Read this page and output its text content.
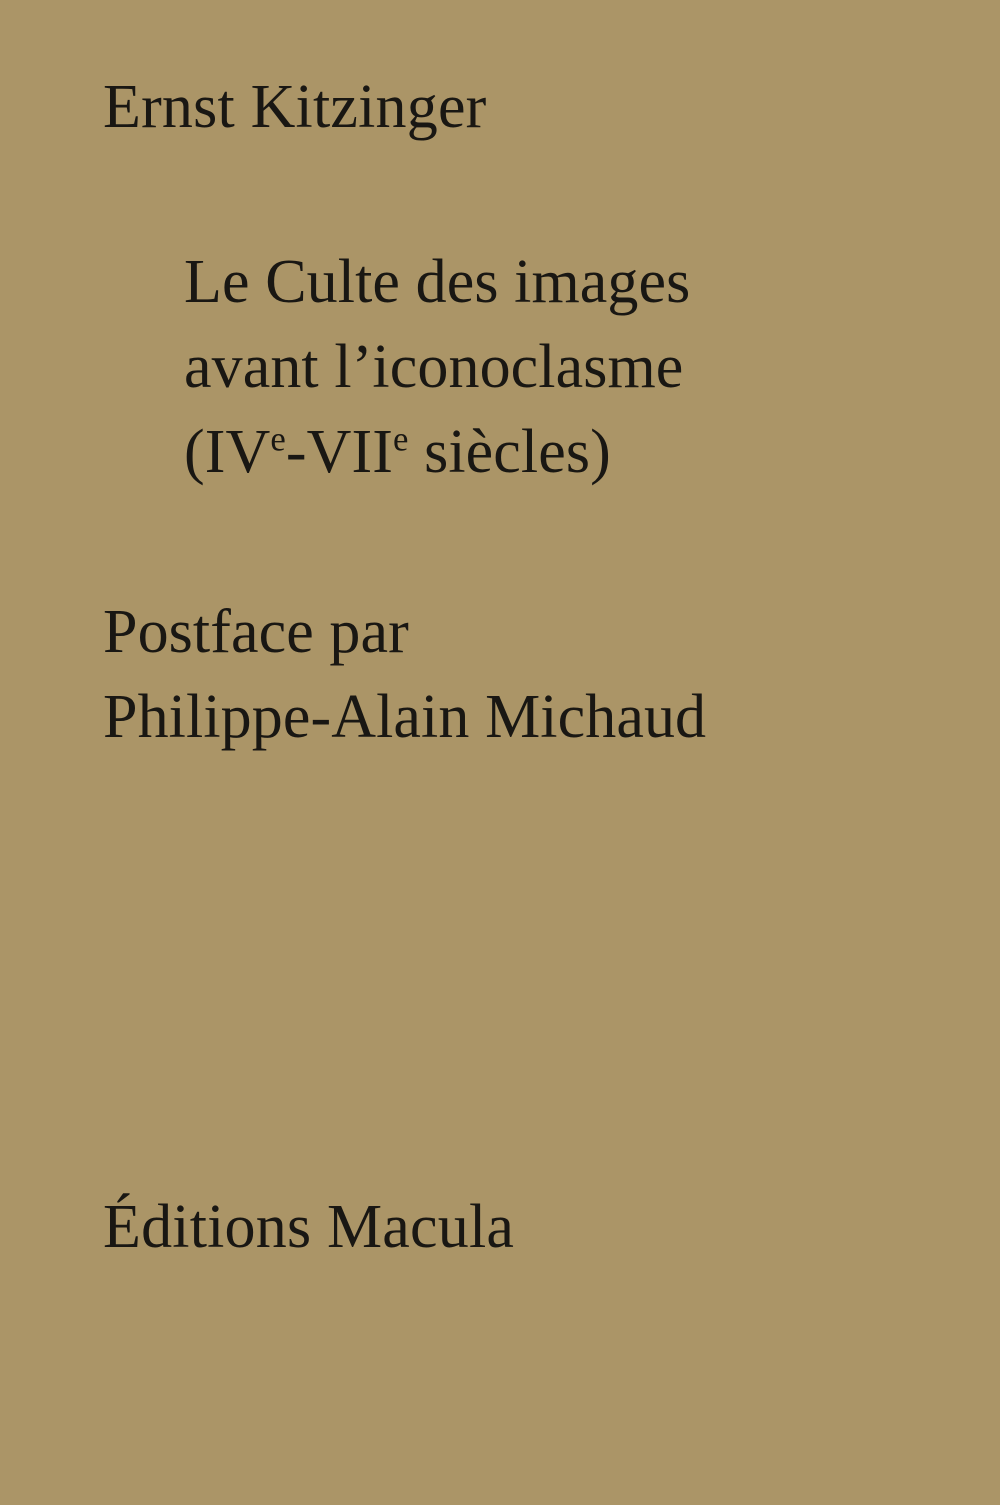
Ernst Kitzinger
Le Culte des images
avant l’iconoclasme
(IVe-VIIe siècles)
Postface par
Philippe-Alain Michaud
Éditions Macula
